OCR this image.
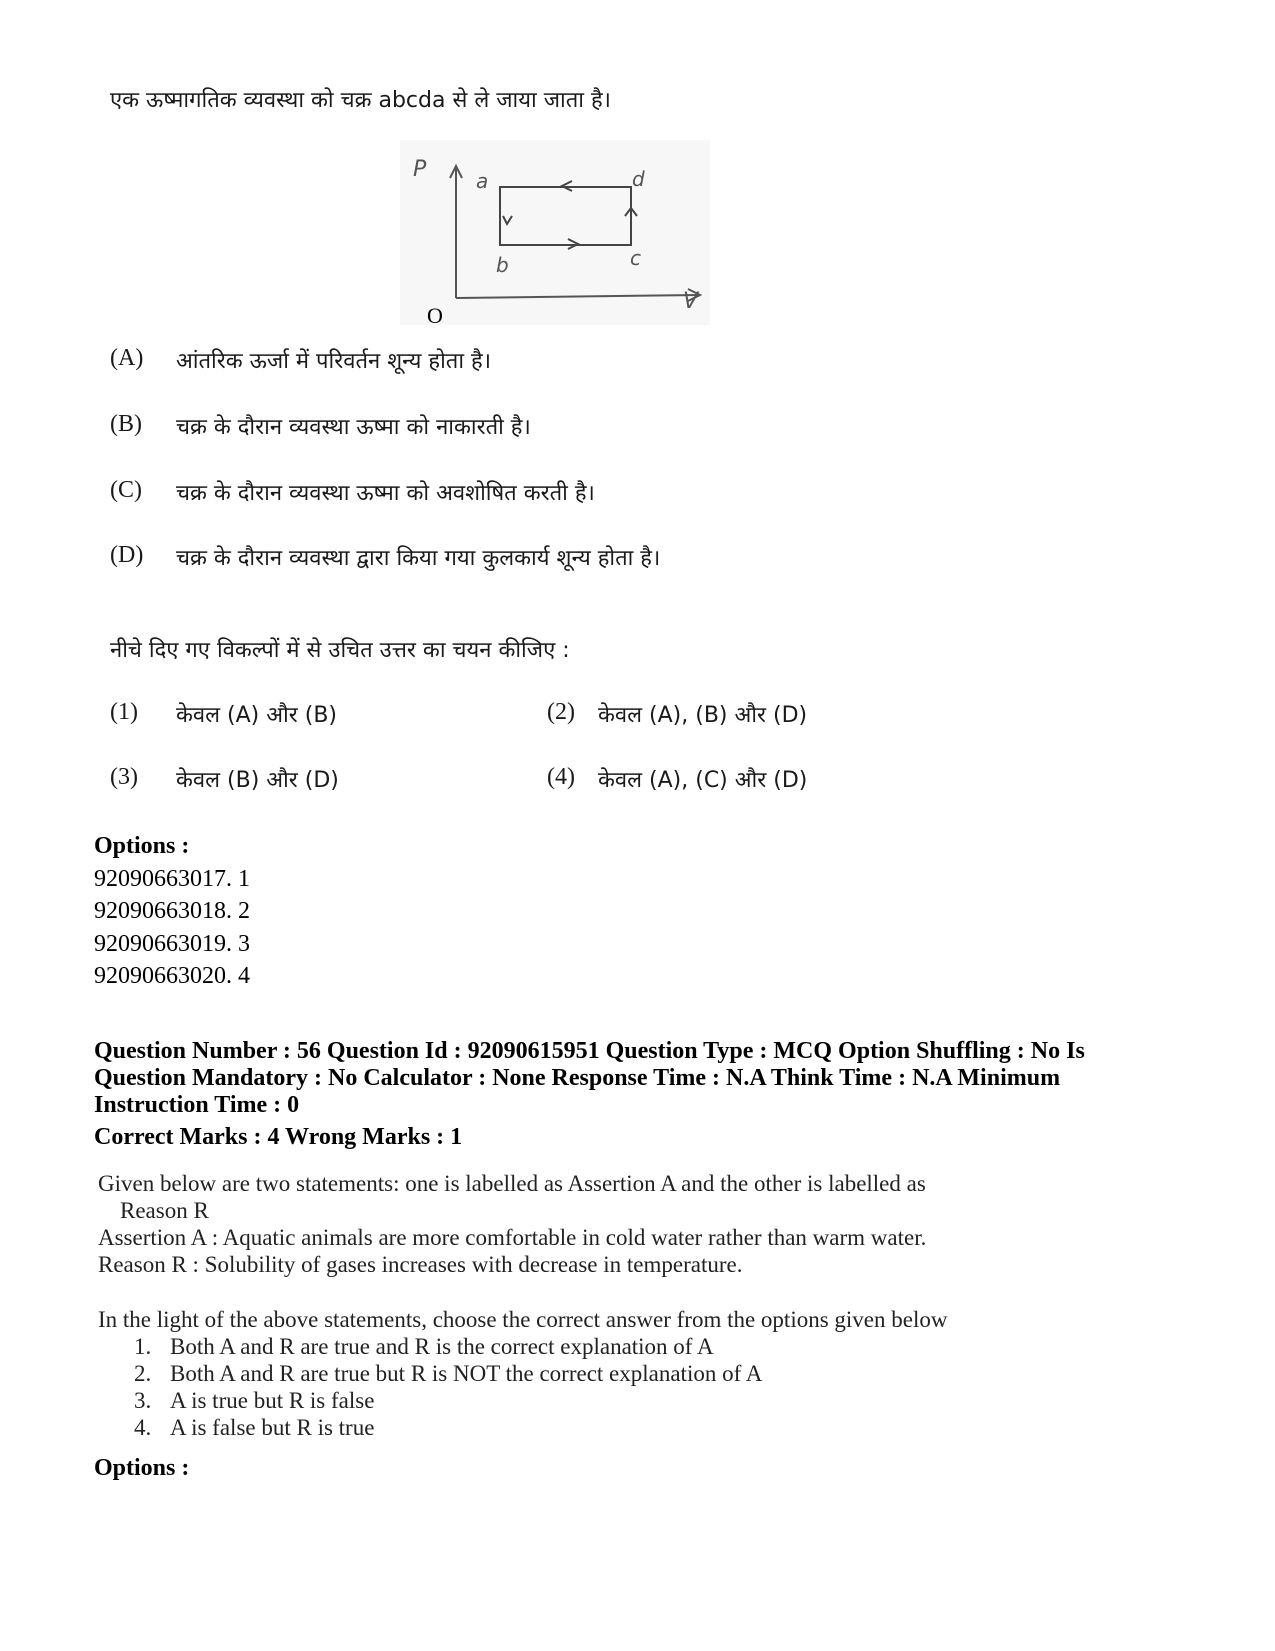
एक ऊष्मागतिक व्यवस्था को चक्र abcda से ले जाया जाता है।
P
V
a
b	c
d
O
(A) आंतरिक ऊर्जा में परिवर्तन शून्य होता है।
(B) चक्र के दौरान व्यवस्था ऊष्मा को नाकारती है।
(C) चक्र के दौरान व्यवस्था ऊष्मा को अवशोषित करती है।
(D) चक्र के दौरान व्यवस्था द्वारा किया गया कुलकार्य शून्य होता है।
नीचे दिए गए विकल्पों में से उचित उत्तर का चयन कीजिए :
(1) केवल (A) और (B)	(2) केवल (A), (B) और (D)
(3) केवल (B) और (D)	(4) केवल (A), (C) और (D)
Options :
92090663017. 1
92090663018. 2
92090663019. 3
92090663020. 4
Question Number : 56 Question Id : 92090615951 Question Type : MCQ Option Shuffling : No Is
Question Mandatory : No Calculator : None Response Time : N.A Think Time : N.A Minimum
Instruction Time : 0
Correct Marks : 4 Wrong Marks : 1
Given below are two statements: one is labelled as Assertion A and the other is labelled as
Reason R
Assertion A : Aquatic animals are more comfortable in cold water rather than warm water.
Reason R : Solubility of gases increases with decrease in temperature.
In the light of the above statements, choose the correct answer from the options given below
1. Both A and R are true and R is the correct explanation of A
2. Both A and R are true but R is NOT the correct explanation of A
3. A is true but R is false
4. A is false but R is true
Options :
